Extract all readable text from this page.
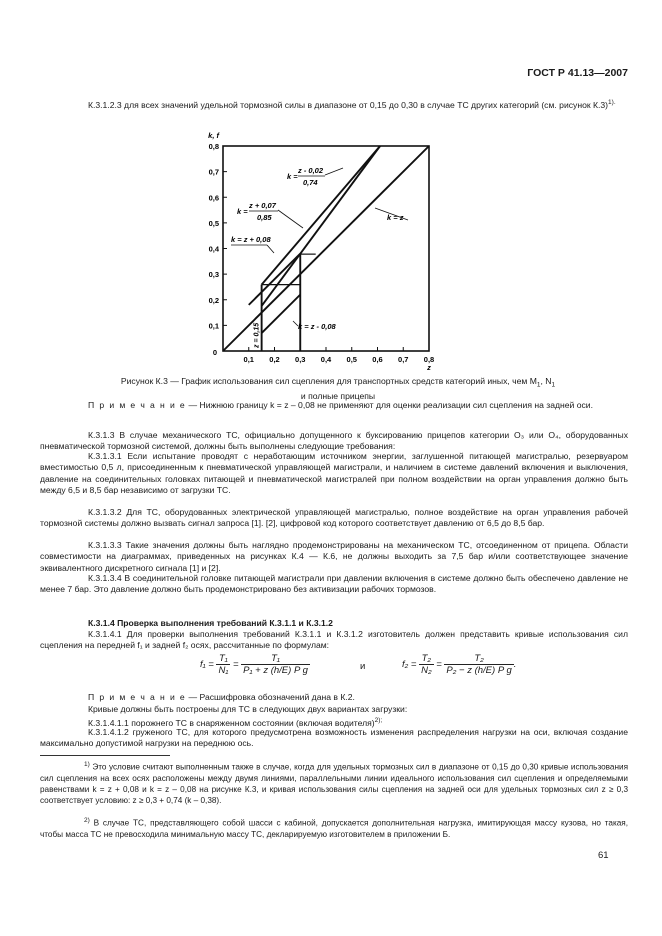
ГОСТ Р 41.13—2007

К.3.1.2.3 для всех значений удельной тормозной силы в диапазоне от 0,15 до 0,30 в случае ТС других категорий (см. рисунок К.3)$^{1).}$

0,1 0,2 0,3 0,4 0,5 0,6 0,7 0,8
0,1
0,2
0,3
0,4
0,5
0,6
0,7
0,8
0
z
k, f
k =
z - 0,02
0,74
k =
z + 0,07
0,85
k = z + 0,08
k = z
k = z - 0,08
z = 0,15
Рисунок К.3 — График использования сил сцепления для транспортных средств категорий иных, чем $М_1$, $N_1$
и полные прицепы

П р и м е ч а н и е — Нижнюю границу k = z – 0,08 не применяют для оценки реализации сил сцепления на задней оси.

К.3.1.3 В случае механического ТС, официально допущенного к буксированию прицепов категории О₃ или О₄, оборудованных пневматической тормозной системой, должны быть выполнены следующие требования:

К.3.1.3.1 Если испытание проводят с неработающим источником энергии, заглушенной питающей магистралью, резервуаром вместимостью 0,5 л, присоединенным к пневматической управляющей магистрали, и наличием в системе давлений включения и выключения, давление на соединительных головках питающей и пневматической магистралей при полном воздействии на орган управления должно быть между 6,5 и 8,5 бар независимо от загрузки ТС.

К.3.1.3.2 Для ТС, оборудованных электрической управляющей магистралью, полное воздействие на орган управления рабочей тормозной системы должно вызвать сигнал запроса [1]. [2], цифровой код которого соответствует давлению от 6,5 до 8,5 бар.

К.3.1.3.3 Такие значения должны быть наглядно продемонстрированы на механическом ТС, отсоединенном от прицепа. Области совместимости на диаграммах, приведенных на рисунках К.4 — К.6, не должны выходить за 7,5 бар и/или соответствующее значение эквивалентного дискретного сигнала [1] и [2].

К.3.1.3.4 В соединительной головке питающей магистрали при давлении включения в системе должно быть обеспечено давление не менее 7 бар. Это давление должно быть продемонстрировано без активизации рабочих тормозов.

К.3.1.4 Проверка выполнения требований К.3.1.1 и К.3.1.2

К.3.1.4.1 Для проверки выполнения требований К.3.1.1 и К.3.1.2 изготовитель должен представить кривые использования сил сцепления на передней f₁ и задней f₂ осях, рассчитанные по формулам:

$f_1 = \frac{\text{T₁}}{\text{N₁}} = \frac{\text{T₁}}{\text{P₁ + z (h/E) P g}}$	и	$f_2 = \frac{\text{T₂}}{\text{N₂}} = \frac{\text{T₂}}{\text{P₂ − z (h/E) P g}}$ .

П р и м е ч а н и е — Расшифровка обозначений дана в К.2.

Кривые должны быть построены для ТС в следующих двух вариантах загрузки:

К.3.1.4.1.1 порожнего ТС в снаряженном состоянии (включая водителя)$^{2);}$

К.3.1.4.1.2 груженого ТС, для которого предусмотрена возможность изменения распределения нагрузки на оси, включая создание максимально допустимой нагрузки на переднюю ось.

$^{1)}$ Это условие считают выполненным также в случае, когда для удельных тормозных сил в диапазоне от 0,15 до 0,30 кривые использования сил сцепления на всех осях расположены между двумя линиями, параллельными линии идеального использования сил сцепления и определяемыми равенствами k = z + 0,08 и k = z – 0,08 на рисунке К.3, и кривая использования силы сцепления на задней оси для удельных тормозных сил z ≥ 0,3 соответствует условию: z ≥ 0,3 + 0,74 (k – 0,38).

$^{2)}$ В случае ТС, представляющего собой шасси с кабиной, допускается дополнительная нагрузка, имитирующая массу кузова, но такая, чтобы масса ТС не превосходила минимальную массу ТС, декларируемую изготовителем в приложении Б.

61
